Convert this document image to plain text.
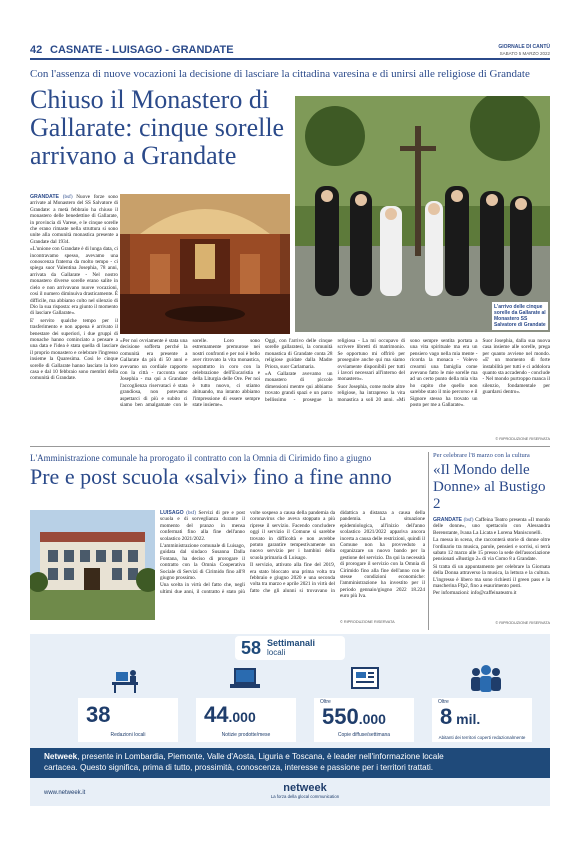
42 CASNATE - LUISAGO - GRANDATE	GIORNALE DI CANTÙ
SABATO 5 MARZO 2022
Con l'assenza di nuove vocazioni la decisione di lasciare la cittadina varesina e di unirsi alle religiose di Grandate
Chiuso il Monastero di Gallarate: cinque sorelle arrivano a Grandate
L'arrivo delle cinque sorelle da Gallarate al Monastero SS Salvatore di Grandate

GRANDATE (bsf) Nuove forze sono arrivate al Monastero del SS Salvatore di Grandate: a metà febbraio ha chiuso il monastero delle benedettine di Gallarate, in provincia di Varese, e le cinque sorelle che erano rimaste nella struttura si sono unite alla comunità monastica presente a Grandate dal 1934.

«L'unione con Grandate è di lunga data, ci incontravamo spesso, avevamo una conoscenza fraterna da molto tempo - ci spiega suor Valentina Josephia, 78 anni, arrivata da Gallarate - Nel nostro monastero diverse sorelle erano salite in cielo e non arrivavano nuove vocazioni, così il numero diminuiva drasticamente. È difficile, ma abbiamo colto nel silenzio di Dio la sua risposta: era giunto il momento di lasciare Gallarate».

E' servito qualche tempo per il trasferimento e non appena è arrivato il benestare dei superiori, i due gruppi di monache hanno cominciato a pensare a una data e l'idea è stata quella di lasciare il proprio monastero e celebrare l'ingresso insieme la Quaresima. Così le cinque sorelle di Gallarate hanno lasciato la loro casa e dal 10 febbraio sono membri della comunità di Grandate.

«Per noi ovviamente è stata una decisione sofferta perché la comunità era presente a Gallarate da più di 50 anni e avevamo un cordiale rapporto con la città - racconta suor Josephia - ma qui a Grandate l'accoglienza riservataci è stata grandiosa, non potevamo aspettarci di più e subito ci siamo ben amalgamate con le sorelle. Loro sono estremamente premurose nei nostri confronti e per noi è bello aver ritrovato la vita monastica, soprattutto in coro con la celebrazione dell'Eucaristia e della Liturgia delle Ore. Per noi è tutto nuovo, ci stiamo abituando, ma intanto abbiamo l'impressione di essere sempre state insieme».

Oggi, con l'arrivo delle cinque sorelle gallaratesi, la comunità monastica di Grandate conta 28 religiose guidate dalla Madre Priora, suor Carlamaria.

«A Gallarate avevamo un monastero di piccole dimensioni mentre qui abbiamo trovato grandi spazi e un parco bellissimo - prosegue la religiosa - La mi occupavo di scrivere libretti di matrimonio. Se opportuno mi offrirò per proseguire anche qui ma siamo ovviamente disponibili per tutti i lavori necessari all'interno del monastero».

Suor Josephia, come molte altre religiose, ha intrapreso la vita monastica a soli 20 anni. «Mi sono sempre sentita portata a una vita spirituale ma era un pensiero vago nella mia mente - ricorda la monaca - Volevo crearmi una famiglia come avevano fatto le mie sorelle ma ad un certo punto della mia vita ho capito che quello non sarebbe stato il mio percorso e il Signore stesso ha trovato un posto per me a Gallarate».

Suor Josephia, dalla sua nuova casa insieme alle sorelle, prega per quanto avviene nel mondo. «E' un momento di forte instabilità per tutti e ci addolora quanto sta accadendo - conclude - Nel mondo purtroppo manca il silenzio, fondamentale per guardarsi dentro».

© RIPRODUZIONE RISERVATA
L'Amministrazione comunale ha prorogato il contratto con la Omnia di Cirimido fino a giugno
Pre e post scuola «salvi» fino a fine anno

LUISAGO (bsf) Servizi di pre e post scuola e di sorveglianza durante il momento del pranzo in mensa confermati fino alla fine dell'anno scolastico 2021/2022.

L'amministrazione comunale di Luisago, guidata dal sindaco Susanna Dalla Fontana, ha deciso di prorogare il contratto con la Omnia Cooperativa Sociale di Servizi di Cirimido fino all'8 giugno prossimo.

Una scelta in virtù del fatto che, negli ultimi due anni, il contratto è stato più volte sospeso a causa della pandemia da coronavirus che aveva stoppato a più riprese il servizio. Facendo concludere oggi il servizio il Comune si sarebbe trovato in difficoltà e non avrebbe potuto garantire tempestivamente un nuovo servizio per i bambini della scuola primaria di Luisago.

Il servizio, attivato alla fine del 2019, era stato bloccato una prima volta tra febbraio e giugno 2020 e una seconda volta tra marzo e aprile 2021 in virtù del fatto che gli alunni si trovavano in didattica a distanza a causa della pandemia. La situazione epidemiologica, all'inizio dell'anno scolastico 2021/2022 appariva ancora incerta a causa delle restrizioni, quindi il Comune non ha provveduto a organizzare un nuovo bando per la gestione del servizio. Da qui la necessità di prorogare il servizio con la Omnia di Cirimido fino alla fine dell'anno con le stesse condizioni economiche: l'amministrazione ha investito per il periodo gennaio/giugno 2022 18.224 euro più Iva.

© RIPRODUZIONE RISERVATA
Per celebrare l'8 marzo con la cultura
«Il Mondo delle Donne» al Bustigo 2

GRANDATE (bsf) Caffeina Teatro presenta «Il mondo delle donne», uno spettacolo con Alessandra Berenstante, Ivana La Licata e Lorena Manisconelli.

La messa in scena, che racconterà storie di donne oltre l'ordinario tra musica, parole, pensieri e sorrisi, si terrà sabato 12 marzo alle 15 presso la sede dell'associazione pensionati «Bustigo 2» di via Como 8 a Grandate.

Si tratta di un appuntamento per celebrare la Giornata della Donna attraverso la musica, la lettura e la cultura. L'ingresso è libero ma sono richiesti il green pass e la mascherina Ffp2, fino a esaurimento posti.

Per informazioni: info@caffeinateatro.it

© RIPRODUZIONE RISERVATA
58 Settimanali
locali
38
Redazioni locali
44.000
Notizie prodotte/mese
Oltre
550.000
Copie diffuse/settimana
Oltre
8 mil.
Abitanti dei territori coperti redazionalmente
Netweek, presente in Lombardia, Piemonte, Valle d'Aosta, Liguria e Toscana, è leader nell'informazione locale
cartacea. Questo significa, prima di tutto, prossimità, conoscenza, interesse e passione per i territori trattati.
www.netweek.it	netweek
La forza della glocal communication
